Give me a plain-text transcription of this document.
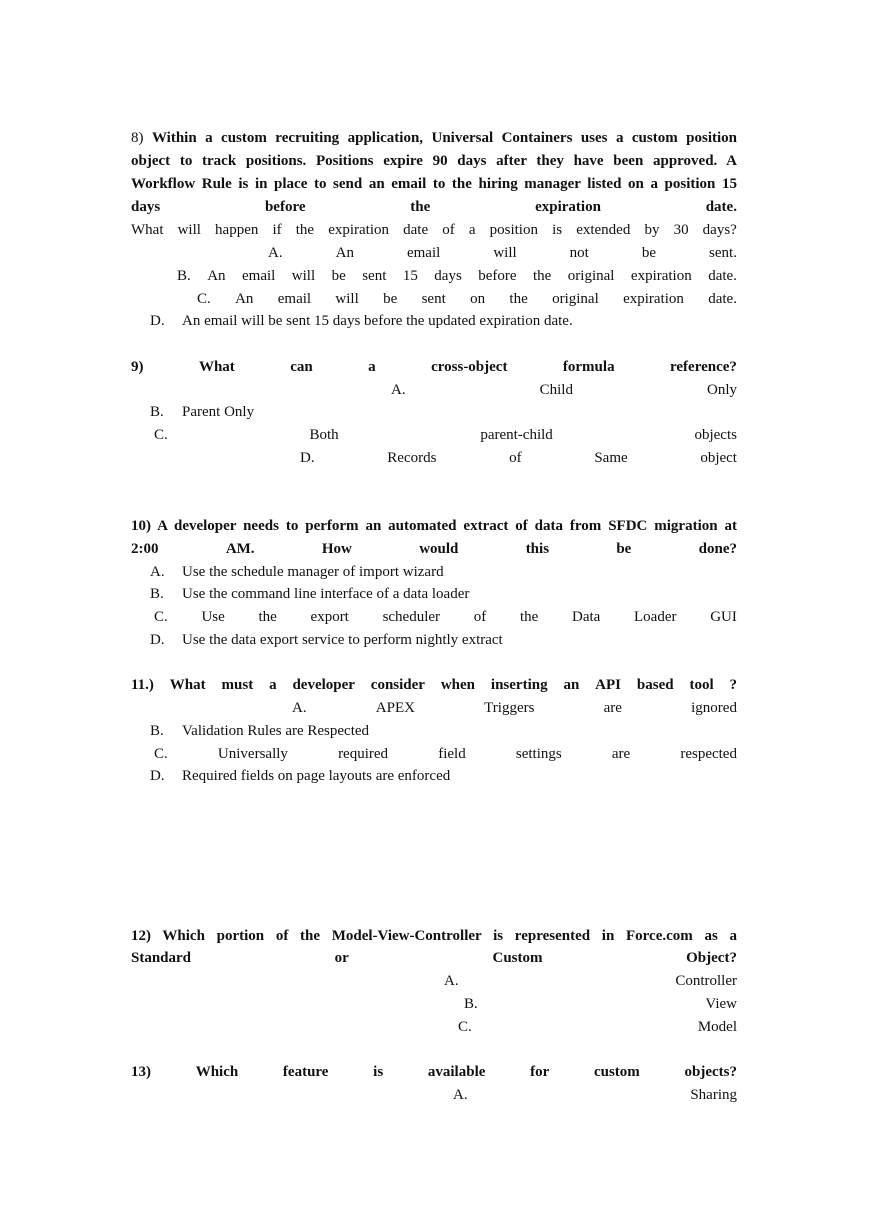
8) Within a custom recruiting application, Universal Containers uses a custom position
object to track positions. Positions expire 90 days after they have been approved. A
Workflow Rule is in place to send an email to the hiring manager listed on a position 15
days	before	the	expiration	date.
What will happen if the expiration date of a position is extended by 30 days?
A.	An	email	will	not	be	sent.
B. An email will be sent 15 days before the original expiration date.
C. An email will be sent on the original expiration date.
D. An email will be sent 15 days before the updated expiration date.
9)	What	can	a	cross-object	formula	reference?
A.	Child	Only
B. Parent Only
C.	Both	parent-child	objects
D.	Records	of	Same	object
10) A developer needs to perform an automated extract of data from SFDC migration at
2:00	AM.	How	would	this	be	done?
A. Use the schedule manager of import wizard
B. Use the command line interface of a data loader
C. Use the export scheduler of the Data Loader GUI
D. Use the data export service to perform nightly extract
11.) What must a developer consider when inserting an API based tool ?
A.	APEX	Triggers	are	ignored
B. Validation Rules are Respected
C.	Universally	required	field	settings	are	respected
D. Required fields on page layouts are enforced
12) Which portion of the Model-View-Controller is represented in Force.com as a
Standard	or	Custom	Object?
A.	Controller
B.	View
C.	Model
13)	Which	feature	is	available	for	custom	objects?
A.	Sharing
